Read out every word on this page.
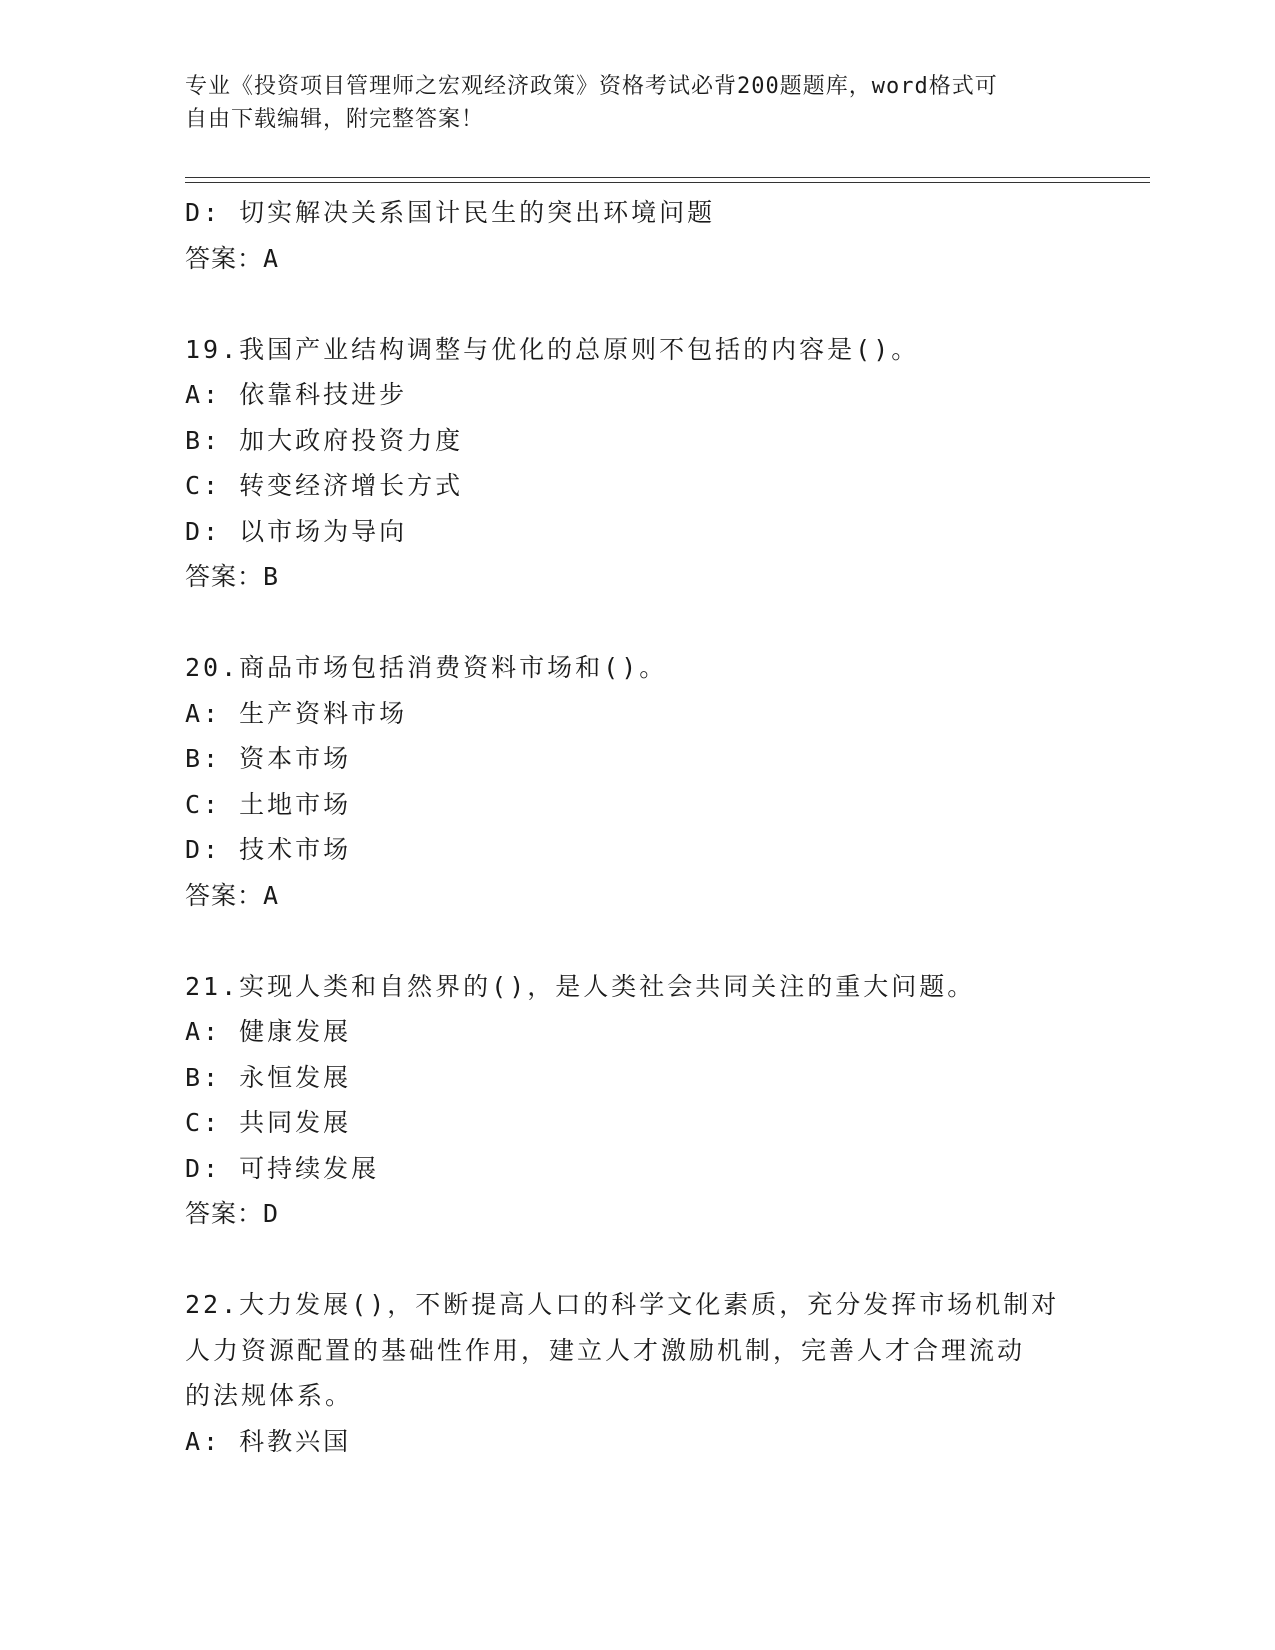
专业《投资项目管理师之宏观经济政策》资格考试必背200题题库，word格式可
自由下载编辑，附完整答案！
D: 切实解决关系国计民生的突出环境问题
答案：A
19.我国产业结构调整与优化的总原则不包括的内容是()。
A: 依靠科技进步
B: 加大政府投资力度
C: 转变经济增长方式
D: 以市场为导向
答案：B
20.商品市场包括消费资料市场和()。
A: 生产资料市场
B: 资本市场
C: 土地市场
D: 技术市场
答案：A
21.实现人类和自然界的()，是人类社会共同关注的重大问题。
A: 健康发展
B: 永恒发展
C: 共同发展
D: 可持续发展
答案：D
22.大力发展()，不断提高人口的科学文化素质，充分发挥市场机制对
人力资源配置的基础性作用，建立人才激励机制，完善人才合理流动
的法规体系。
A: 科教兴国
